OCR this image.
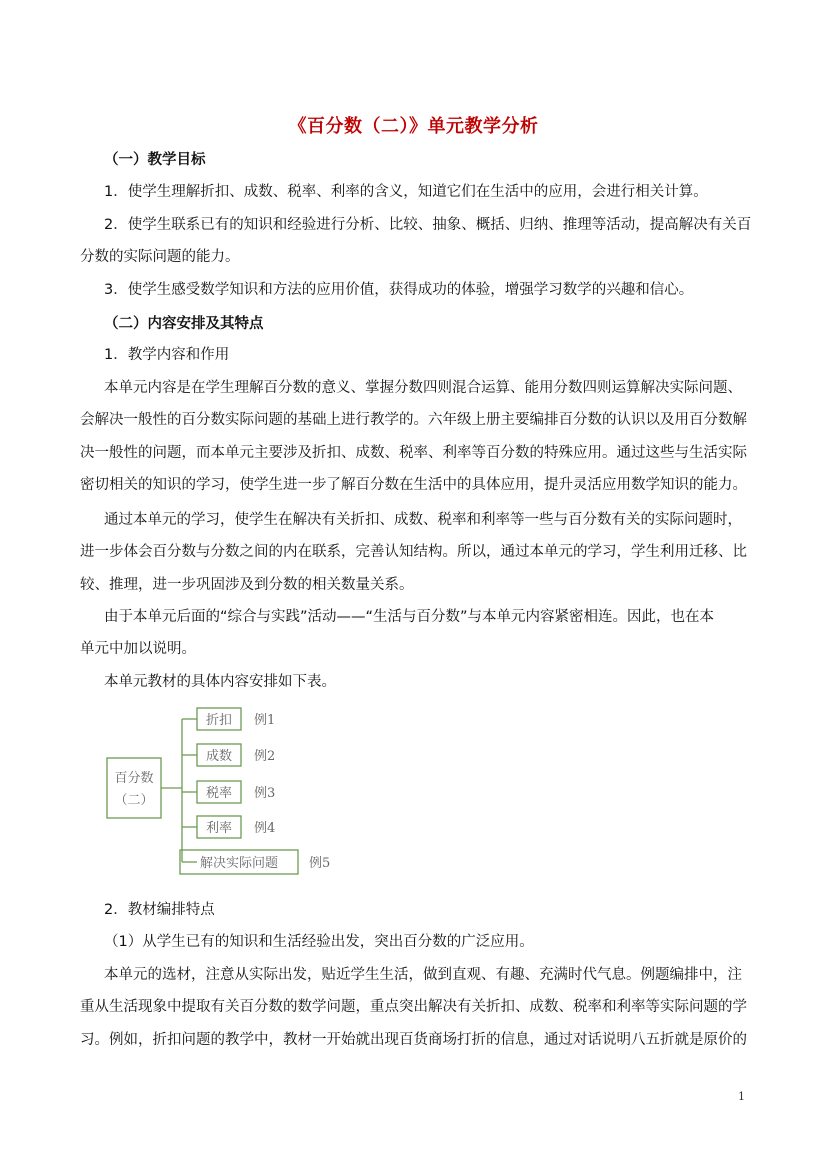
《百分数（二）》单元教学分析
（一）教学目标
1．使学生理解折扣、成数、税率、利率的含义，知道它们在生活中的应用，会进行相关计算。
2．使学生联系已有的知识和经验进行分析、比较、抽象、概括、归纳、推理等活动，提高解决有关百
分数的实际问题的能力。
3．使学生感受数学知识和方法的应用价值，获得成功的体验，增强学习数学的兴趣和信心。
（二）内容安排及其特点
1．教学内容和作用
本单元内容是在学生理解百分数的意义、掌握分数四则混合运算、能用分数四则运算解决实际问题、
会解决一般性的百分数实际问题的基础上进行教学的。六年级上册主要编排百分数的认识以及用百分数解
决一般性的问题，而本单元主要涉及折扣、成数、税率、利率等百分数的特殊应用。通过这些与生活实际
密切相关的知识的学习，使学生进一步了解百分数在生活中的具体应用，提升灵活应用数学知识的能力。
通过本单元的学习，使学生在解决有关折扣、成数、税率和利率等一些与百分数有关的实际问题时，
进一步体会百分数与分数之间的内在联系，完善认知结构。所以，通过本单元的学习，学生利用迁移、比
较、推理，进一步巩固涉及到分数的相关数量关系。
由于本单元后面的“综合与实践”活动——“生活与百分数”与本单元内容紧密相连。因此，也在本
单元中加以说明。
本单元教材的具体内容安排如下表。
百分数
（二）
折扣 例1
成数 例2
税率 例3
利率 例4
解决实际问题 例5
2．教材编排特点
（1）从学生已有的知识和生活经验出发，突出百分数的广泛应用。
本单元的选材，注意从实际出发，贴近学生生活，做到直观、有趣、充满时代气息。例题编排中，注
重从生活现象中提取有关百分数的数学问题，重点突出解决有关折扣、成数、税率和利率等实际问题的学
习。例如，折扣问题的教学中，教材一开始就出现百货商场打折的信息，通过对话说明八五折就是原价的
1
